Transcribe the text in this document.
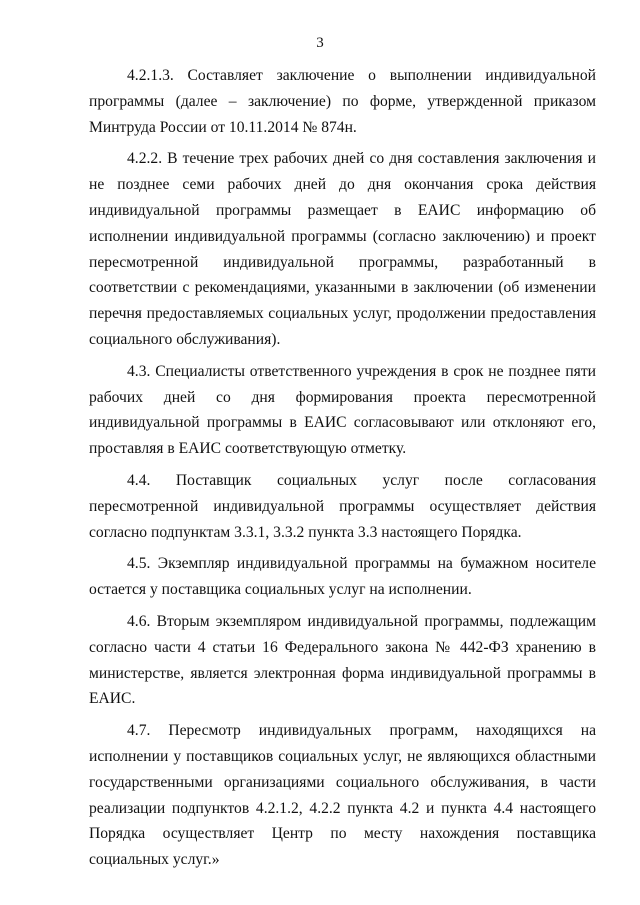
3

4.2.1.3. Составляет заключение о выполнении индивидуальной программы (далее – заключение) по форме, утвержденной приказом Минтруда России от 10.11.2014 № 874н.

4.2.2. В течение трех рабочих дней со дня составления заключения и не позднее семи рабочих дней до дня окончания срока действия индивидуальной программы размещает в ЕАИС информацию об исполнении индивидуальной программы (согласно заключению) и проект пересмотренной индивидуальной программы, разработанный в соответствии с рекомендациями, указанными в заключении (об изменении перечня предоставляемых социальных услуг, продолжении предоставления социального обслуживания).

4.3. Специалисты ответственного учреждения в срок не позднее пяти рабочих дней со дня формирования проекта пересмотренной индивидуальной программы в ЕАИС согласовывают или отклоняют его, проставляя в ЕАИС соответствующую отметку.

4.4. Поставщик социальных услуг после согласования пересмотренной индивидуальной программы осуществляет действия согласно подпунктам 3.3.1, 3.3.2 пункта 3.3 настоящего Порядка.

4.5. Экземпляр индивидуальной программы на бумажном носителе остается у поставщика социальных услуг на исполнении.

4.6. Вторым экземпляром индивидуальной программы, подлежащим согласно части 4 статьи 16 Федерального закона № 442-ФЗ хранению в министерстве, является электронная форма индивидуальной программы в ЕАИС.

4.7. Пересмотр индивидуальных программ, находящихся на исполнении у поставщиков социальных услуг, не являющихся областными государственными организациями социального обслуживания, в части реализации подпунктов 4.2.1.2, 4.2.2 пункта 4.2 и пункта 4.4 настоящего Порядка осуществляет Центр по месту нахождения поставщика социальных услуг.»
